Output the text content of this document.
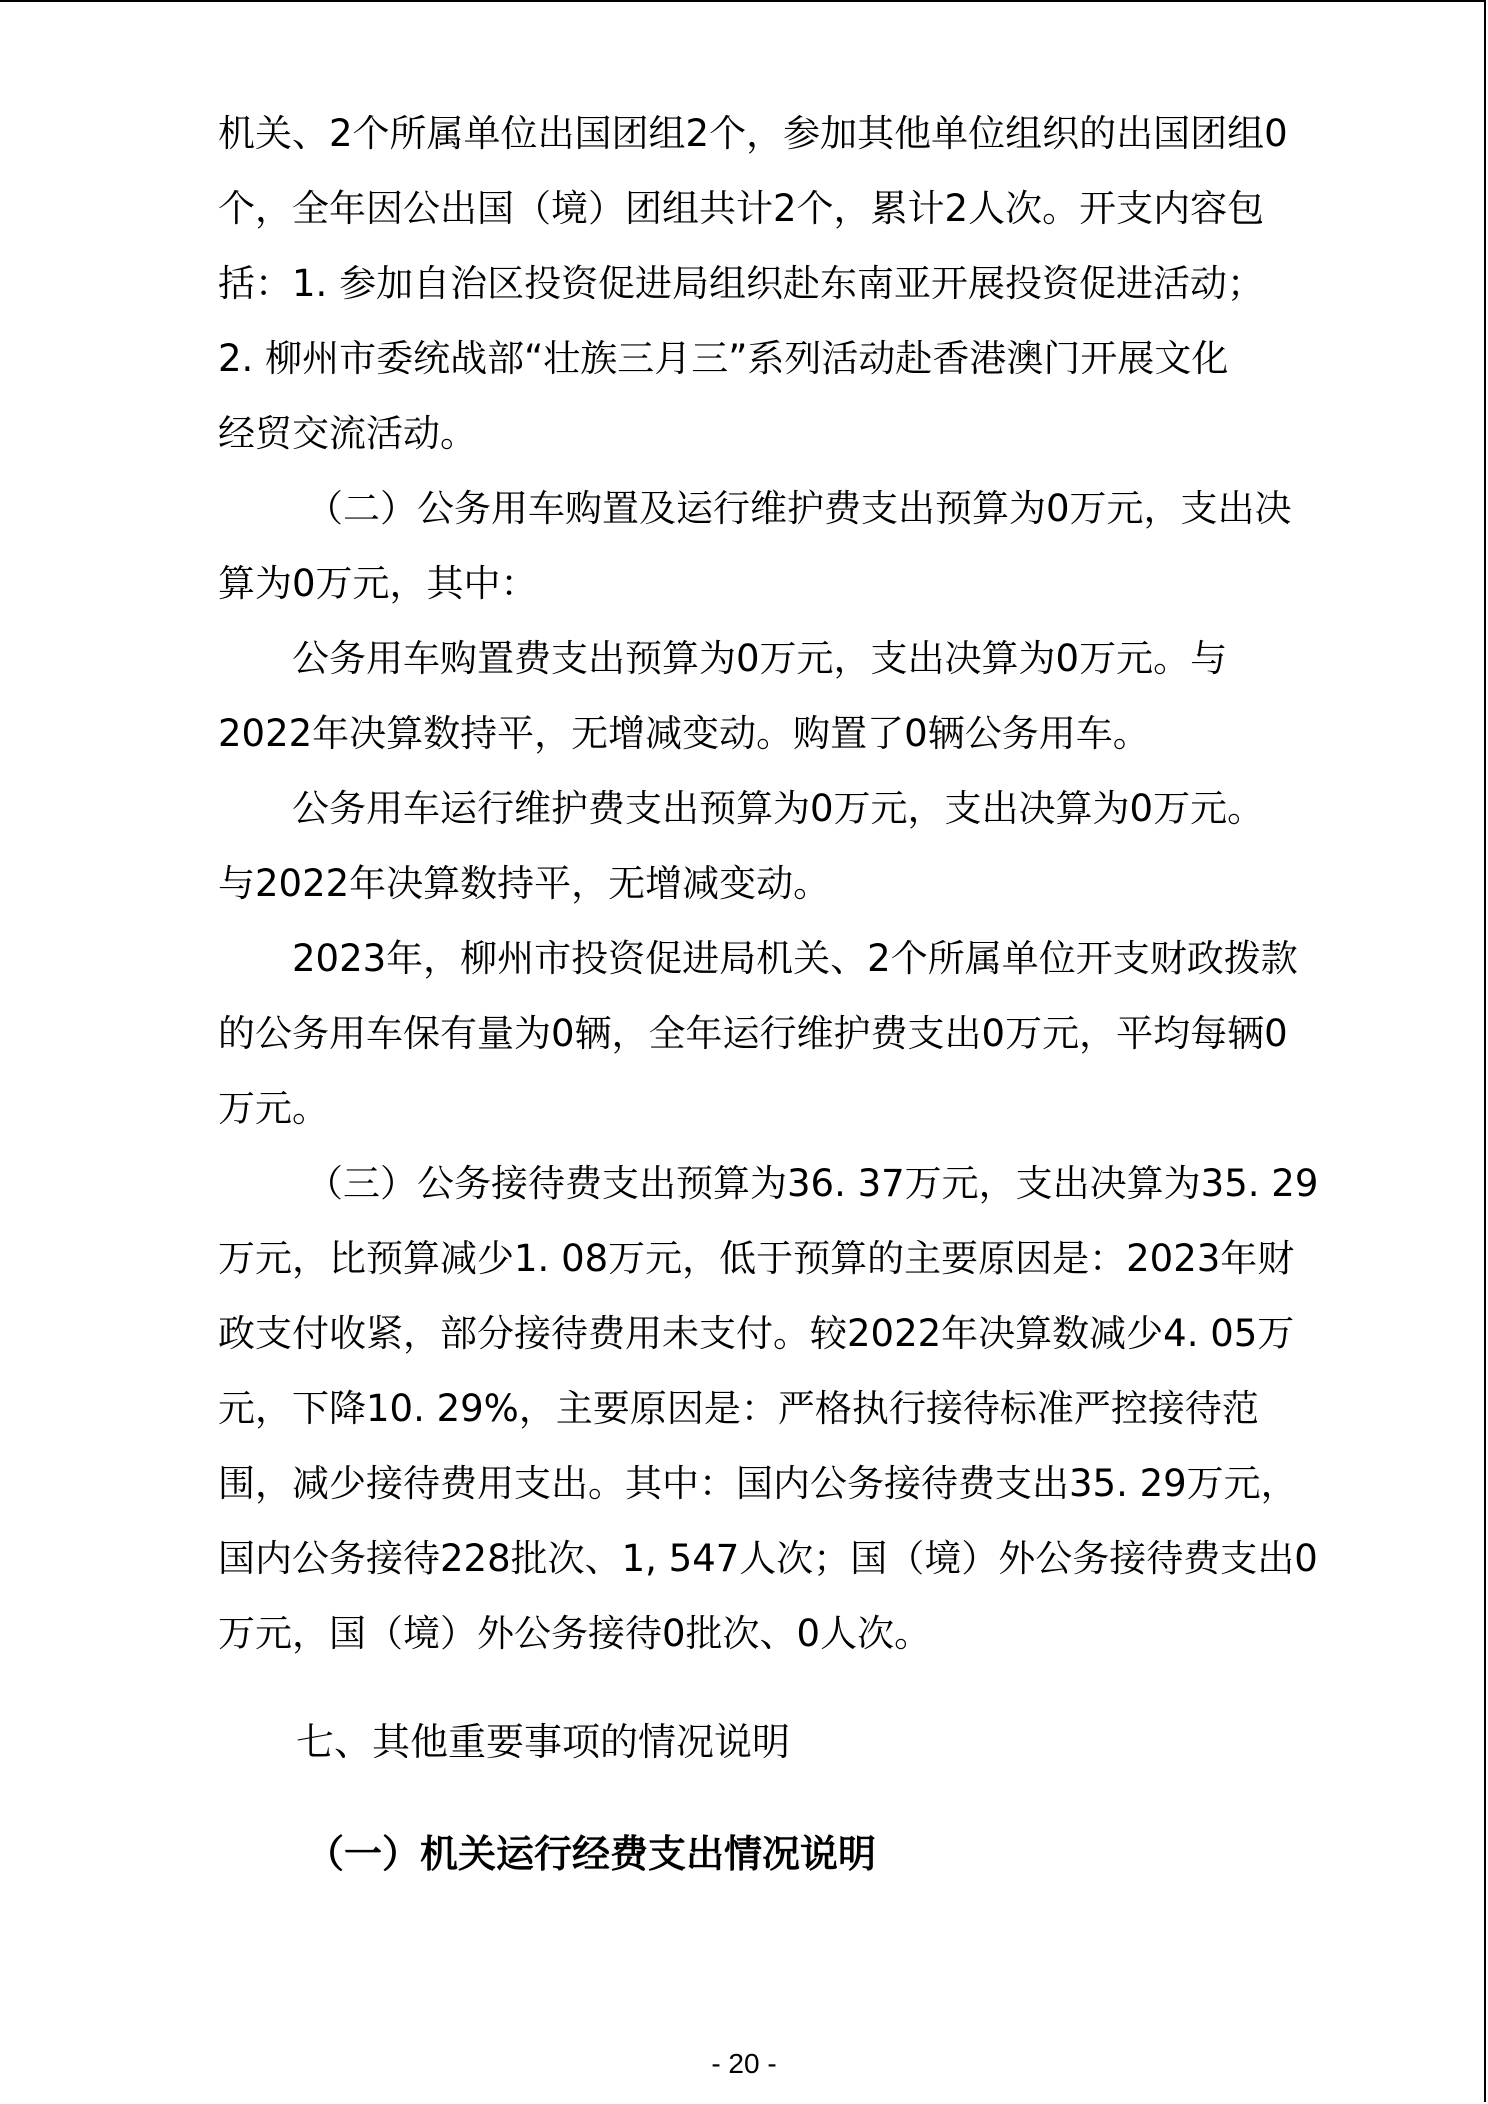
机关、2个所属单位出国团组2个，参加其他单位组织的出国团组0
个，全年因公出国（境）团组共计2个，累计2人次。开支内容包
括：1. 参加自治区投资促进局组织赴东南亚开展投资促进活动；
2. 柳州市委统战部“壮族三月三”系列活动赴香港澳门开展文化
经贸交流活动。
（二）公务用车购置及运行维护费支出预算为0万元，支出决
算为0万元，其中：
公务用车购置费支出预算为0万元，支出决算为0万元。与
2022年决算数持平，无增减变动。购置了0辆公务用车。
公务用车运行维护费支出预算为0万元，支出决算为0万元。
与2022年决算数持平，无增减变动。
2023年，柳州市投资促进局机关、2个所属单位开支财政拨款
的公务用车保有量为0辆，全年运行维护费支出0万元，平均每辆0
万元。
（三）公务接待费支出预算为36. 37万元，支出决算为35. 29
万元，比预算减少1. 08万元，低于预算的主要原因是：2023年财
政支付收紧，部分接待费用未支付。较2022年决算数减少4. 05万
元，下降10. 29%，主要原因是：严格执行接待标准严控接待范
围，减少接待费用支出。其中：国内公务接待费支出35. 29万元，
国内公务接待228批次、1, 547人次；国（境）外公务接待费支出0
万元，国（境）外公务接待0批次、0人次。
七、其他重要事项的情况说明
（一）机关运行经费支出情况说明
- 20 -
